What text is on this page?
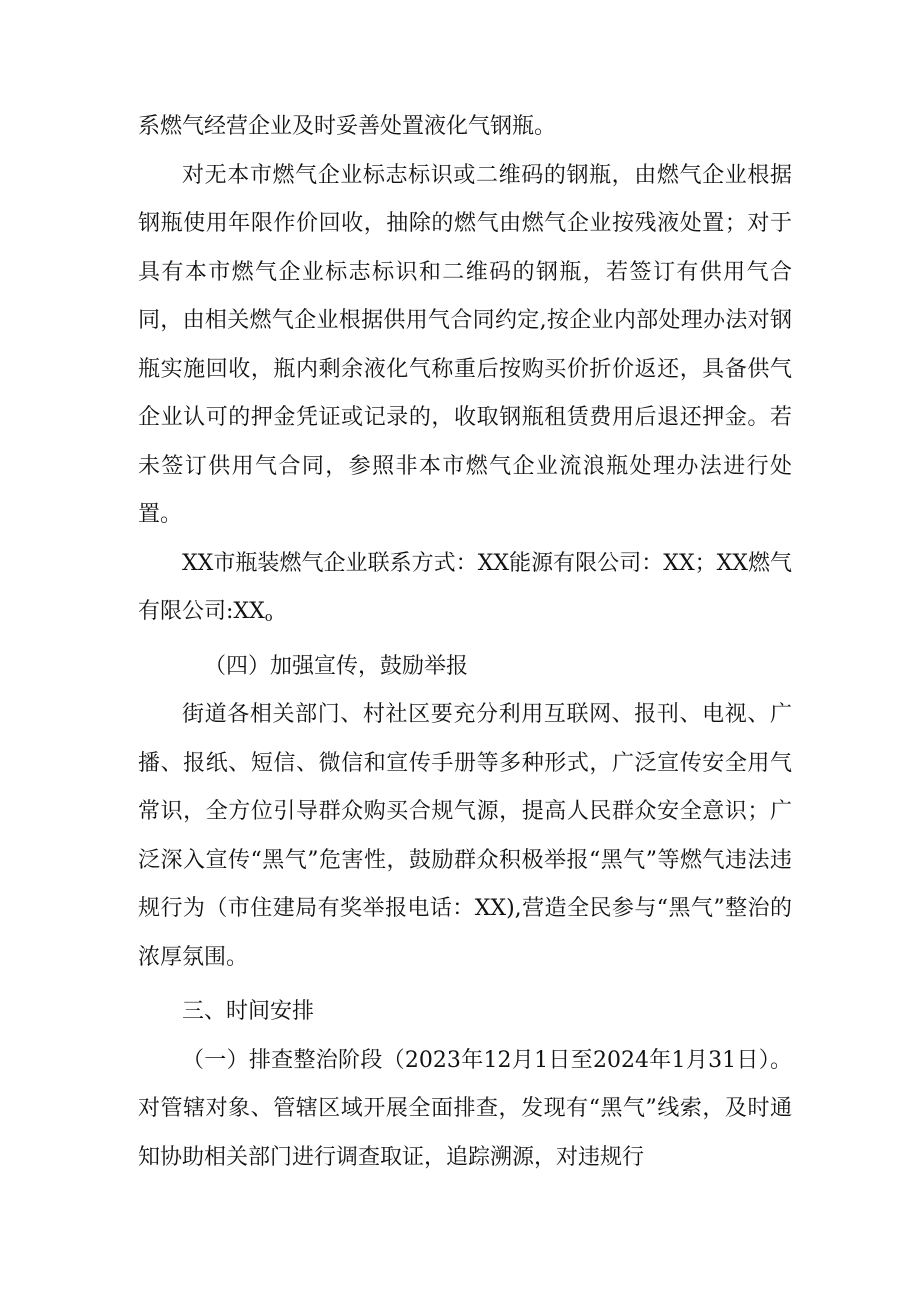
系燃气经营企业及时妥善处置液化气钢瓶。

对无本市燃气企业标志标识或二维码的钢瓶，由燃气企业根据钢瓶使用年限作价回收，抽除的燃气由燃气企业按残液处置；对于具有本市燃气企业标志标识和二维码的钢瓶，若签订有供用气合同，由相关燃气企业根据供用气合同约定,按企业内部处理办法对钢瓶实施回收，瓶内剩余液化气称重后按购买价折价返还，具备供气企业认可的押金凭证或记录的，收取钢瓶租赁费用后退还押金。若未签订供用气合同，参照非本市燃气企业流浪瓶处理办法进行处置。

XX市瓶装燃气企业联系方式：XX能源有限公司：XX；XX燃气有限公司:XXo

（四）加强宣传，鼓励举报

街道各相关部门、村社区要充分利用互联网、报刊、电视、广播、报纸、短信、微信和宣传手册等多种形式，广泛宣传安全用气常识，全方位引导群众购买合规气源，提高人民群众安全意识；广泛深入宣传“黑气”危害性，鼓励群众积极举报“黑气”等燃气违法违规行为（市住建局有奖举报电话：XX),营造全民参与“黑气”整治的浓厚氛围。

三、时间安排

（一）排查整治阶段（2023年12月1日至2024年1月31日）。对管辖对象、管辖区域开展全面排查，发现有“黑气”线索，及时通知协助相关部门进行调查取证，追踪溯源，对违规行
